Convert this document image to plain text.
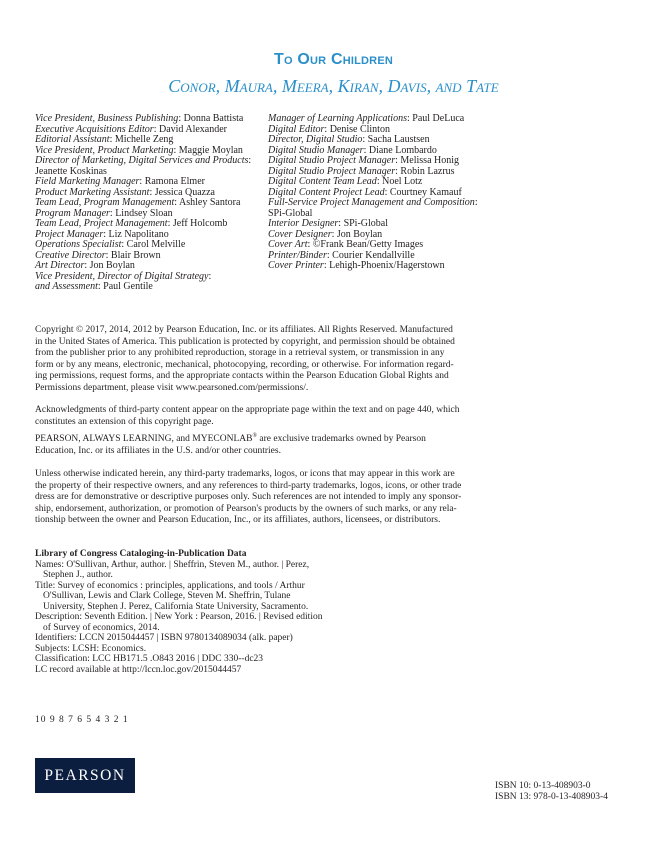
To Our Children
Conor, Maura, Meera, Kiran, Davis, and Tate
Vice President, Business Publishing: Donna Battista
Executive Acquisitions Editor: David Alexander
Editorial Assistant: Michelle Zeng
Vice President, Product Marketing: Maggie Moylan
Director of Marketing, Digital Services and Products:
Jeanette Koskinas
Field Marketing Manager: Ramona Elmer
Product Marketing Assistant: Jessica Quazza
Team Lead, Program Management: Ashley Santora
Program Manager: Lindsey Sloan
Team Lead, Project Management: Jeff Holcomb
Project Manager: Liz Napolitano
Operations Specialist: Carol Melville
Creative Director: Blair Brown
Art Director: Jon Boylan
Vice President, Director of Digital Strategy:
and Assessment: Paul Gentile
Manager of Learning Applications: Paul DeLuca
Digital Editor: Denise Clinton
Director, Digital Studio: Sacha Laustsen
Digital Studio Manager: Diane Lombardo
Digital Studio Project Manager: Melissa Honig
Digital Studio Project Manager: Robin Lazrus
Digital Content Team Lead: Noel Lotz
Digital Content Project Lead: Courtney Kamauf
Full-Service Project Management and Composition:
SPi-Global
Interior Designer: SPi-Global
Cover Designer: Jon Boylan
Cover Art: ©Frank Bean/Getty Images
Printer/Binder: Courier Kendallville
Cover Printer: Lehigh-Phoenix/Hagerstown
Copyright © 2017, 2014, 2012 by Pearson Education, Inc. or its affiliates. All Rights Reserved. Manufactured
in the United States of America. This publication is protected by copyright, and permission should be obtained
from the publisher prior to any prohibited reproduction, storage in a retrieval system, or transmission in any
form or by any means, electronic, mechanical, photocopying, recording, or otherwise. For information regard-
ing permissions, request forms, and the appropriate contacts within the Pearson Education Global Rights and
Permissions department, please visit www.pearsoned.com/permissions/.
Acknowledgments of third-party content appear on the appropriate page within the text and on page 440, which
constitutes an extension of this copyright page.
PEARSON, ALWAYS LEARNING, and MYECONLAB® are exclusive trademarks owned by Pearson
Education, Inc. or its affiliates in the U.S. and/or other countries.
Unless otherwise indicated herein, any third-party trademarks, logos, or icons that may appear in this work are
the property of their respective owners, and any references to third-party trademarks, logos, icons, or other trade
dress are for demonstrative or descriptive purposes only. Such references are not intended to imply any sponsor-
ship, endorsement, authorization, or promotion of Pearson's products by the owners of such marks, or any rela-
tionship between the owner and Pearson Education, Inc., or its affiliates, authors, licensees, or distributors.
Library of Congress Cataloging-in-Publication Data
Names: O'Sullivan, Arthur, author. | Sheffrin, Steven M., author. | Perez,
Stephen J., author.
Title: Survey of economics : principles, applications, and tools / Arthur
O'Sullivan, Lewis and Clark College, Steven M. Sheffrin, Tulane
University, Stephen J. Perez, California State University, Sacramento.
Description: Seventh Edition. | New York : Pearson, 2016. | Revised edition
of Survey of economics, 2014.
Identifiers: LCCN 2015044457 | ISBN 9780134089034 (alk. paper)
Subjects: LCSH: Economics.
Classification: LCC HB171.5 .O843 2016 | DDC 330--dc23
LC record available at http://lccn.loc.gov/2015044457
10 9 8 7 6 5 4 3 2 1
PEARSON
ISBN 10: 0-13-408903-0
ISBN 13: 978-0-13-408903-4
